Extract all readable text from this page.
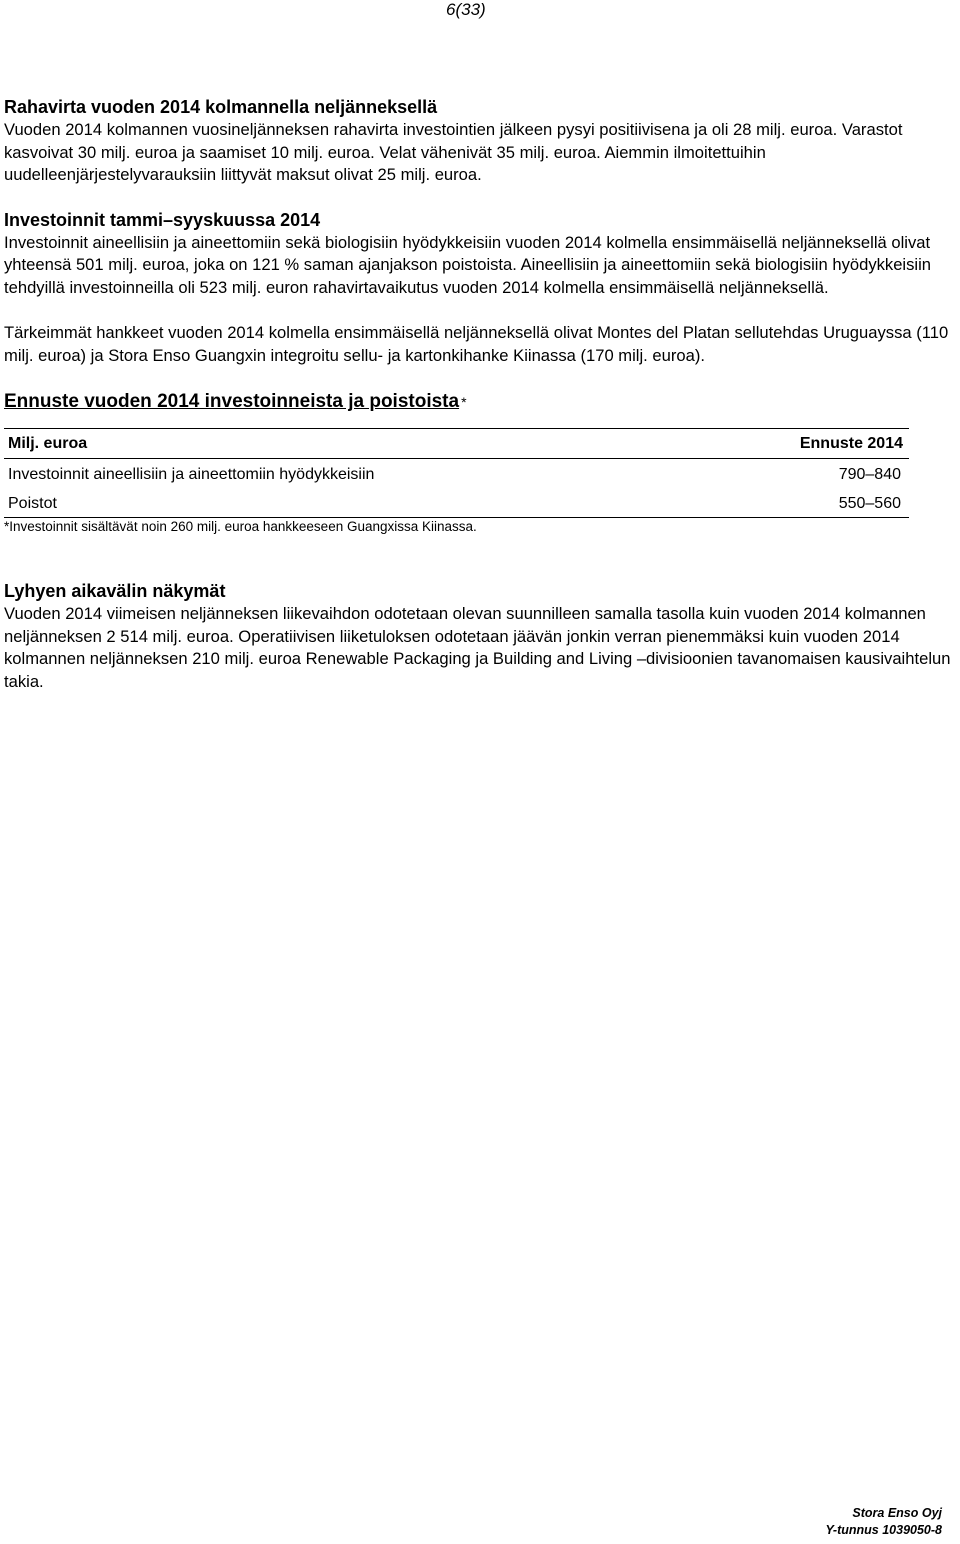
6(33)
Rahavirta vuoden 2014 kolmannella neljänneksellä

Vuoden 2014 kolmannen vuosineljänneksen rahavirta investointien jälkeen pysyi positiivisena ja oli 28 milj. euroa. Varastot kasvoivat 30 milj. euroa ja saamiset 10 milj. euroa. Velat vähenivät 35 milj. euroa. Aiemmin ilmoitettuihin uudelleenjärjestelyvarauksiin liittyvät maksut olivat 25 milj. euroa.

Investoinnit tammi–syyskuussa 2014

Investoinnit aineellisiin ja aineettomiin sekä biologisiin hyödykkeisiin vuoden 2014 kolmella ensimmäisellä neljänneksellä olivat yhteensä 501 milj. euroa, joka on 121 % saman ajanjakson poistoista. Aineellisiin ja aineettomiin sekä biologisiin hyödykkeisiin tehdyillä investoinneilla oli 523 milj. euron rahavirtavaikutus vuoden 2014 kolmella ensimmäisellä neljänneksellä.

Tärkeimmät hankkeet vuoden 2014 kolmella ensimmäisellä neljänneksellä olivat Montes del Platan sellutehdas Uruguayssa (110 milj. euroa) ja Stora Enso Guangxin integroitu sellu- ja kartonkihanke Kiinassa (170 milj. euroa).

Ennuste vuoden 2014 investoinneista ja poistoista *
Milj. euroa	Ennuste 2014
Investoinnit aineellisiin ja aineettomiin hyödykkeisiin	790–840
Poistot	550–560
*Investoinnit sisältävät noin 260 milj. euroa hankkeeseen Guangxissa Kiinassa.
Lyhyen aikavälin näkymät

Vuoden 2014 viimeisen neljänneksen liikevaihdon odotetaan olevan suunnilleen samalla tasolla kuin vuoden 2014 kolmannen neljänneksen 2 514 milj. euroa. Operatiivisen liiketuloksen odotetaan jäävän jonkin verran pienemmäksi kuin vuoden 2014 kolmannen neljänneksen 210 milj. euroa Renewable Packaging ja Building and Living –divisioonien tavanomaisen kausivaihtelun takia.

Stora Enso Oyj
Y-tunnus 1039050-8
